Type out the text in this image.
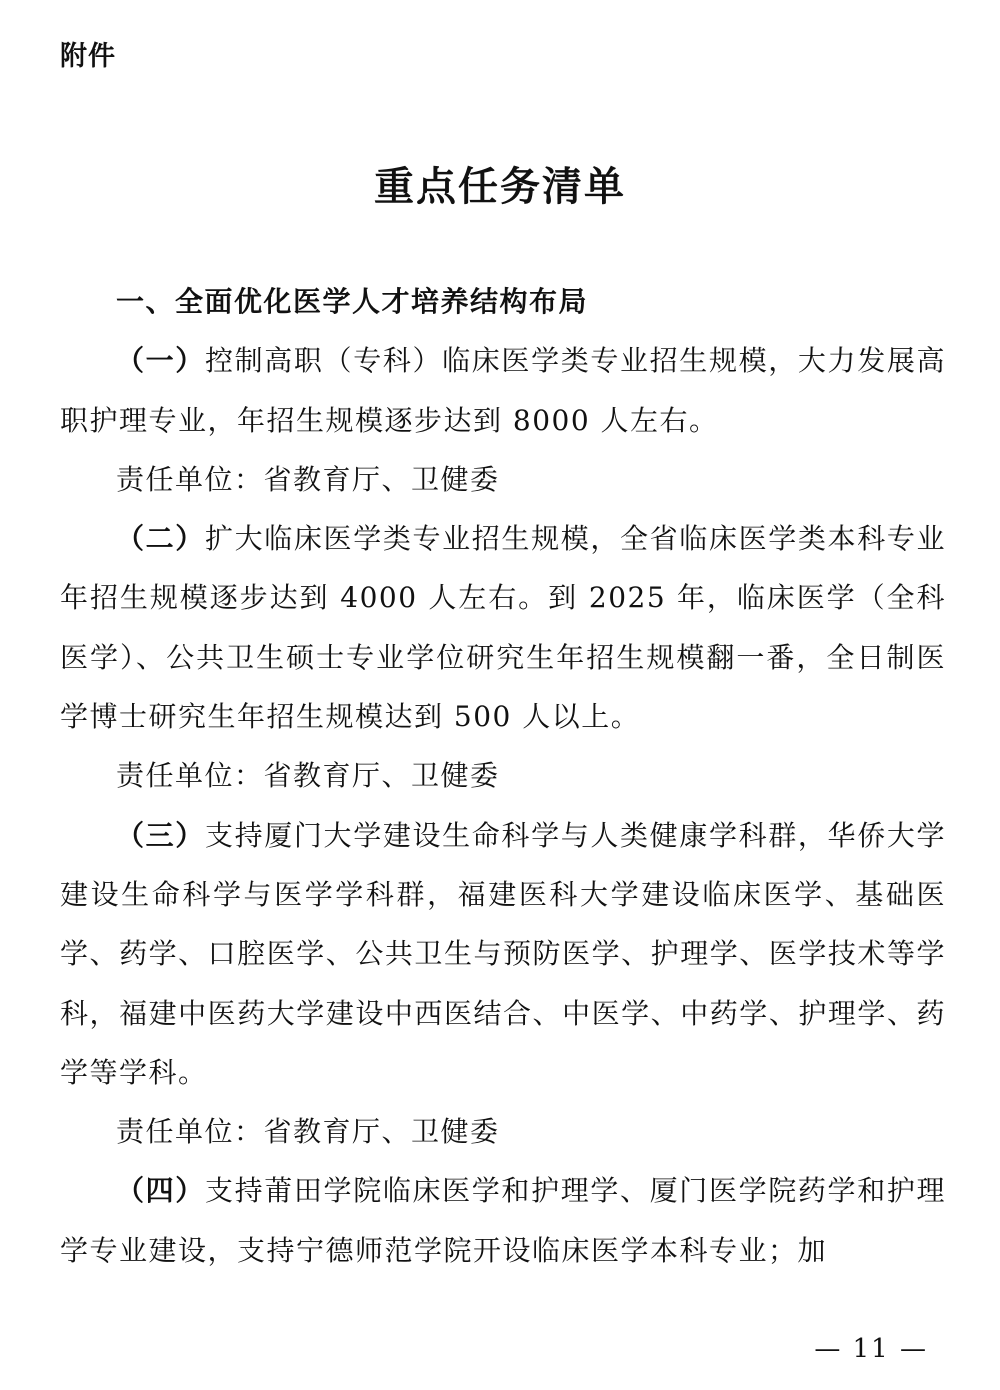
附件
重点任务清单

一、全面优化医学人才培养结构布局

（一）控制高职（专科）临床医学类专业招生规模，大力发展高职护理专业，年招生规模逐步达到 8000 人左右。

责任单位：省教育厅、卫健委

（二）扩大临床医学类专业招生规模，全省临床医学类本科专业年招生规模逐步达到 4000 人左右。到 2025 年，临床医学（全科医学）、公共卫生硕士专业学位研究生年招生规模翻一番，全日制医学博士研究生年招生规模达到 500 人以上。

责任单位：省教育厅、卫健委

（三）支持厦门大学建设生命科学与人类健康学科群，华侨大学建设生命科学与医学学科群，福建医科大学建设临床医学、基础医学、药学、口腔医学、公共卫生与预防医学、护理学、医学技术等学科，福建中医药大学建设中西医结合、中医学、中药学、护理学、药学等学科。

责任单位：省教育厅、卫健委

（四）支持莆田学院临床医学和护理学、厦门医学院药学和护理学专业建设，支持宁德师范学院开设临床医学本科专业；加

— 11 —
